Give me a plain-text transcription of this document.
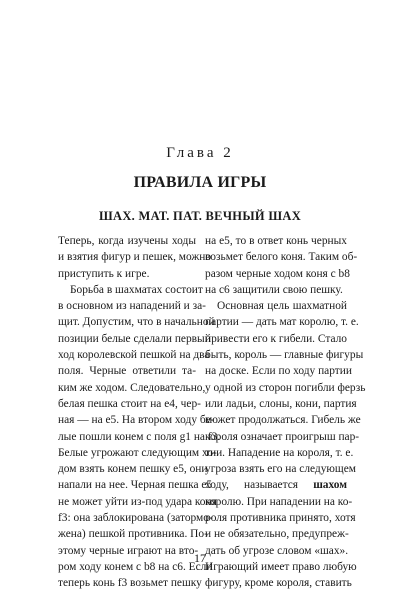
Глава 2
ПРАВИЛА ИГРЫ
ШАХ. МАТ. ПАТ. ВЕЧНЫЙ ШАХ
Теперь, когда изучены ходы
и взятия фигур и пешек, можно
приступить к игре.
Борьба в шахматах состоит
в основном из нападений и за-
щит. Допустим, что в начальной
позиции белые сделали первый
ход королевской пешкой на два
поля. Черные ответили та-
ким же ходом. Следовательно,
белая пешка стоит на e4, чер-
ная — на e5. На втором ходу бе-
лые пошли конем с поля g1 на f3.
Белые угрожают следующим хо-
дом взять конем пешку e5, они
напали на нее. Черная пешка e5
не может уйти из-под удара коня
f3: она заблокирована (затормо-
жена) пешкой противника. По-
этому черные играют на вто-
ром ходу конем с b8 на c6. Если
теперь конь f3 возьмет пешку
на e5, то в ответ конь черных
возьмет белого коня. Таким об-
разом черные ходом коня с b8
на c6 защитили свою пешку.
Основная цель шахматной
партии — дать мат королю, т. е.
привести его к гибели. Стало
быть, король — главные фигуры
на доске. Если по ходу партии
у одной из сторон погибли ферзь
или ладьи, слоны, кони, партия
может продолжаться. Гибель же
короля означает проигрыш пар-
тии. Нападение на короля, т. е.
угроза взять его на следующем
ходу, называется шахом
королю. При нападении на ко-
роля противника принято, хотя
и не обязательно, предупреж-
дать об угрозе словом «шах».
Играющий имеет право любую
фигуру, кроме короля, ставить
17
